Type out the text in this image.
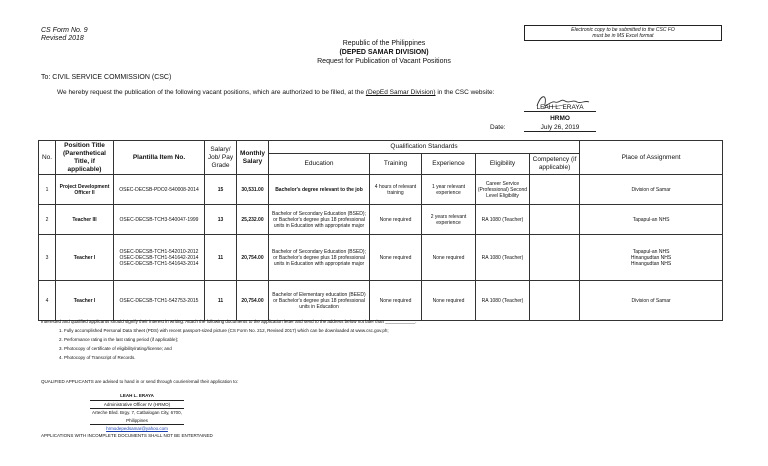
CS Form No. 9
Revised 2018
Electronic copy to be submitted to the CSC FO
must be in MS Excel format
Republic of the Philippines
(DEPED SAMAR DIVISION)
Request for Publication of Vacant Positions
To: CIVIL SERVICE COMMISSION (CSC)
We hereby request the publication of the following vacant positions, which are authorized to be filled, at the (DepEd Samar Division) in the CSC website:
LEAH L. ERAYA
HRMO
Date:	July 26, 2019
No.	Position Title (Parenthetical Title, if applicable)	Plantilla Item No.	Salary/ Job/ Pay Grade	Monthly Salary	Qualification Standards					Place of Assignment
					Education	Training	Experience	Eligibility	Competency (if applicable)	
1	Project Development Officer II	OSEC-DECSB-PDO2-540008-2014	15	30,531.00	Bachelor's degree relevant to the job	4 hours of relevant training	1 year relevant experience	Career Service (Professional) Second Level Eligibility		Division of Samar
2	Teacher III	OSEC-DECSB-TCH3-540047-1999	13	25,232.00	Bachelor of Secondary Education (BSED); or Bachelor's degree plus 18 professional units in Education with appropriate major	None required	2 years relevant experience	RA 1080 (Teacher)		Tapapul-an NHS
3	Teacher I	OSEC-DECSB-TCH1-542010-2012
OSEC-DECSB-TCH1-541642-2014
OSEC-DECSB-TCH1-541643-2014	11	20,754.00	Bachelor of Secondary Education (BSED); or Bachelor's degree plus 18 professional units in Education with appropriate major	None required	None required	RA 1080 (Teacher)		Tapapul-an NHS
Hinangudtan NHS
Hinangudtan NHS
4	Teacher I	OSEC-DECSB-TCH1-542753-2015	11	20,754.00	Bachelor of Elementary education (BEED) or Bachelor's degree plus 18 professional units in Education	None required	None required	RA 1080 (Teacher)		Division of Samar
Interested and qualified applicants should signify their interest in writing. Attach the following documents to the application letter and send to the address below not later than ____________.
1. Fully accomplished Personal Data Sheet (PDS) with recent passport-sized picture (CS Form No. 212, Revised 2017) which can be downloaded at www.csc.gov.ph;
2. Performance rating in the last rating period (if applicable);
3. Photocopy of certificate of eligibility/rating/license; and
4. Photocopy of Transcript of Records.
QUALIFIED APPLICANTS are advised to hand in or send through courier/email their application to:
LEAH L. ERAYA
Administrative Officer IV (HRMO)
Arteche Blvd. Brgy. 7, Catbalogan City, 6700, Philippines
hrmodepedsamar@yahoo.com
APPLICATIONS WITH INCOMPLETE DOCUMENTS SHALL NOT BE ENTERTAINED
